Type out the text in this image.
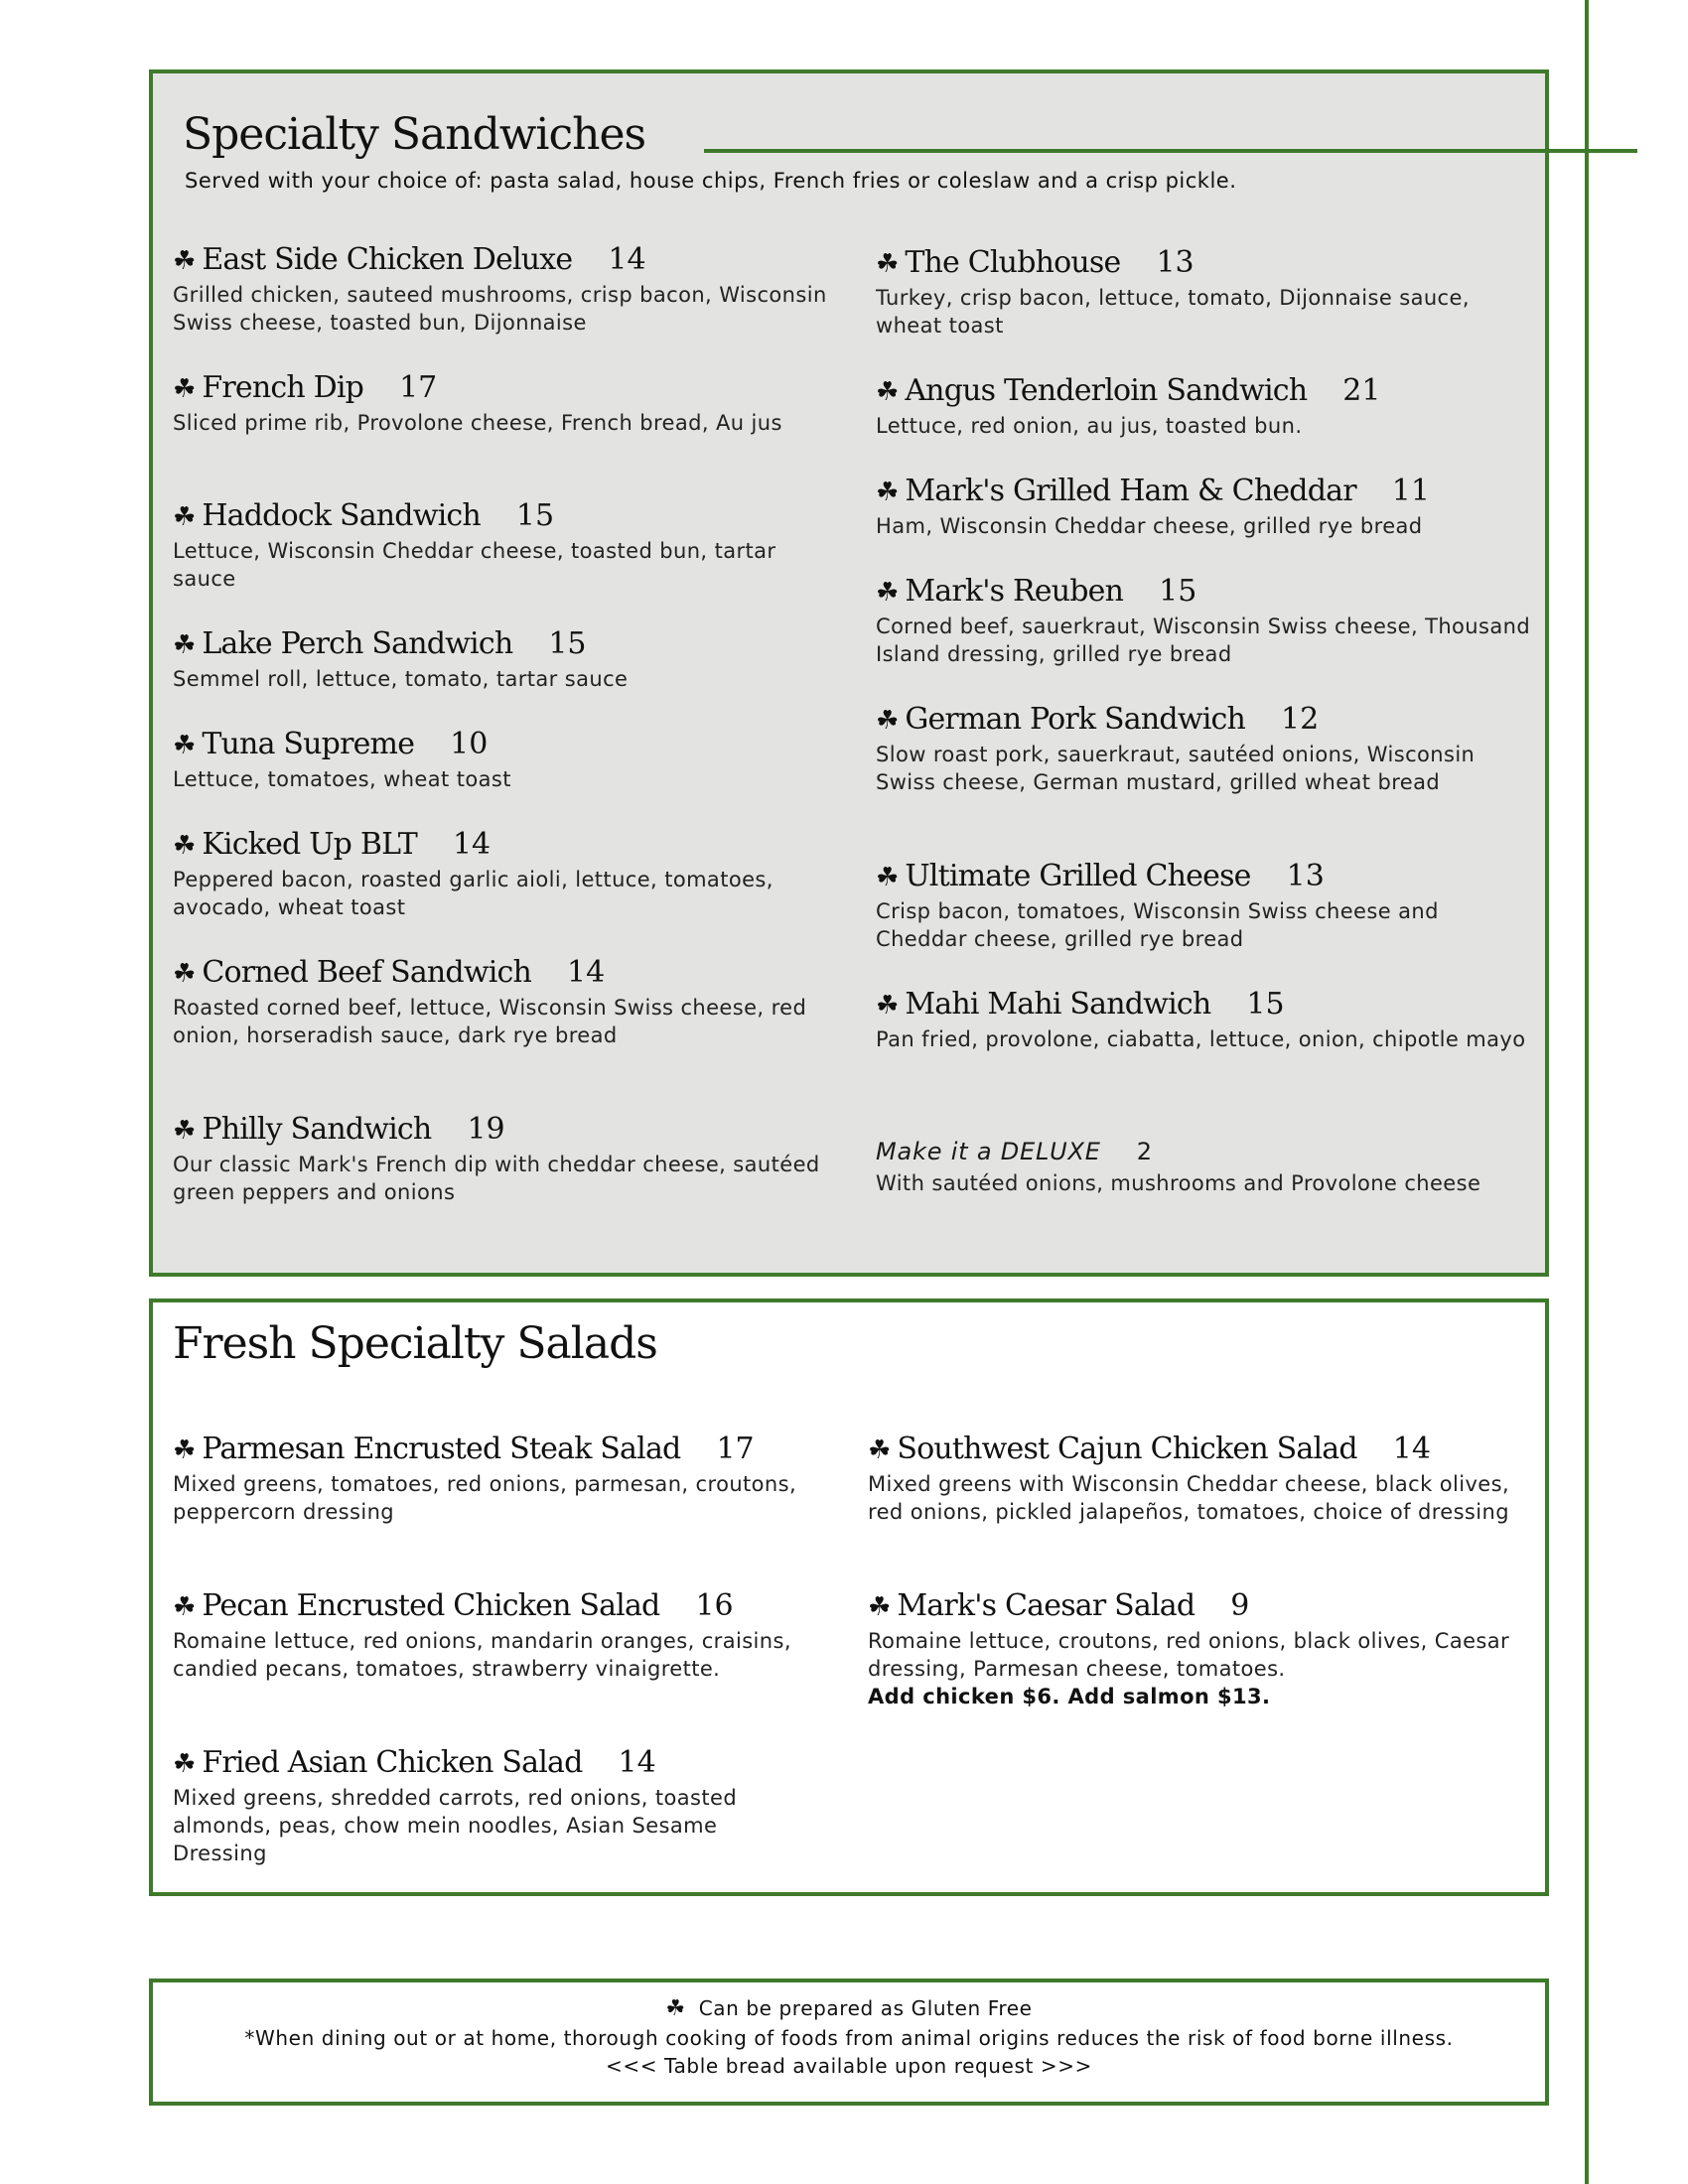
Specialty Sandwiches

Served with your choice of: pasta salad, house chips, French fries or coleslaw and a crisp pickle.

☘ East Side Chicken Deluxe 14
Grilled chicken, sauteed mushrooms, crisp bacon, Wisconsin Swiss cheese, toasted bun, Dijonnaise
☘ French Dip 17
Sliced prime rib, Provolone cheese, French bread, Au jus
☘ Haddock Sandwich 15
Lettuce, Wisconsin Cheddar cheese, toasted bun, tartar sauce
☘ Lake Perch Sandwich 15
Semmel roll, lettuce, tomato, tartar sauce
☘ Tuna Supreme 10
Lettuce, tomatoes, wheat toast
☘ Kicked Up BLT 14
Peppered bacon, roasted garlic aioli, lettuce, tomatoes, avocado, wheat toast
☘ Corned Beef Sandwich 14
Roasted corned beef, lettuce, Wisconsin Swiss cheese, red onion, horseradish sauce, dark rye bread
☘ Philly Sandwich 19
Our classic Mark's French dip with cheddar cheese, sautéed green peppers and onions
☘ The Clubhouse 13
Turkey, crisp bacon, lettuce, tomato, Dijonnaise sauce, wheat toast
☘ Angus Tenderloin Sandwich 21
Lettuce, red onion, au jus, toasted bun.
☘ Mark's Grilled Ham & Cheddar 11
Ham, Wisconsin Cheddar cheese, grilled rye bread
☘ Mark's Reuben 15
Corned beef, sauerkraut, Wisconsin Swiss cheese, Thousand Island dressing, grilled rye bread
☘ German Pork Sandwich 12
Slow roast pork, sauerkraut, sautéed onions, Wisconsin Swiss cheese, German mustard, grilled wheat bread
☘ Ultimate Grilled Cheese 13
Crisp bacon, tomatoes, Wisconsin Swiss cheese and Cheddar cheese, grilled rye bread
☘ Mahi Mahi Sandwich 15
Pan fried, provolone, ciabatta, lettuce, onion, chipotle mayo
Make it a DELUXE 2
With sautéed onions, mushrooms and Provolone cheese
Fresh Specialty Salads
☘ Parmesan Encrusted Steak Salad 17
Mixed greens, tomatoes, red onions, parmesan, croutons, peppercorn dressing
☘ Pecan Encrusted Chicken Salad 16
Romaine lettuce, red onions, mandarin oranges, craisins, candied pecans, tomatoes, strawberry vinaigrette.
☘ Fried Asian Chicken Salad 14
Mixed greens, shredded carrots, red onions, toasted almonds, peas, chow mein noodles, Asian Sesame Dressing
☘ Southwest Cajun Chicken Salad 14
Mixed greens with Wisconsin Cheddar cheese, black olives, red onions, pickled jalapeños, tomatoes, choice of dressing
☘ Mark's Caesar Salad 9
Romaine lettuce, croutons, red onions, black olives, Caesar dressing, Parmesan cheese, tomatoes.
Add chicken $6. Add salmon $13.
☘ Can be prepared as Gluten Free
*When dining out or at home, thorough cooking of foods from animal origins reduces the risk of food borne illness.
<<< Table bread available upon request >>>
